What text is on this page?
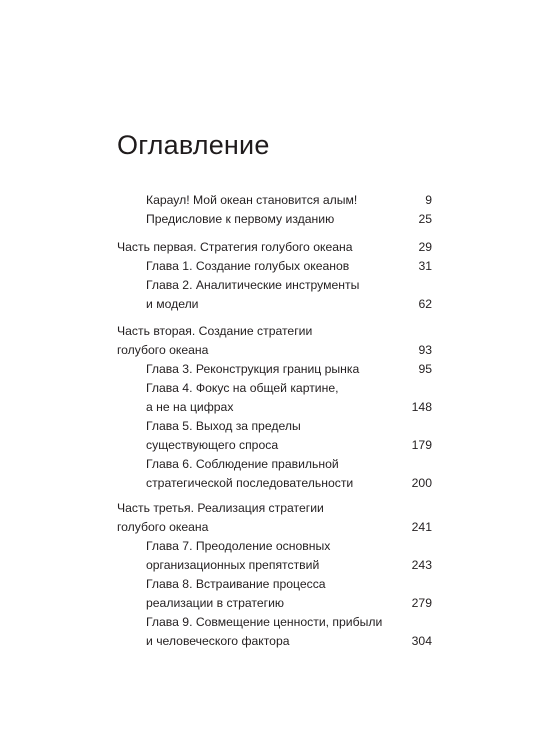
Оглавление
Караул! Мой океан становится алым!	9
Предисловие к первому изданию	25
Часть первая. Стратегия голубого океана	29
Глава 1. Создание голубых океанов	31
Глава 2. Аналитические инструменты
и модели	62
Часть вторая. Создание стратегии
голубого океана	93
Глава 3. Реконструкция границ рынка	95
Глава 4. Фокус на общей картине,
а не на цифрах	148
Глава 5. Выход за пределы
существующего спроса	179
Глава 6. Соблюдение правильной
стратегической последовательности	200
Часть третья. Реализация стратегии
голубого океана	241
Глава 7. Преодоление основных
организационных препятствий	243
Глава 8. Встраивание процесса
реализации в стратегию	279
Глава 9. Совмещение ценности, прибыли
и человеческого фактора	304
